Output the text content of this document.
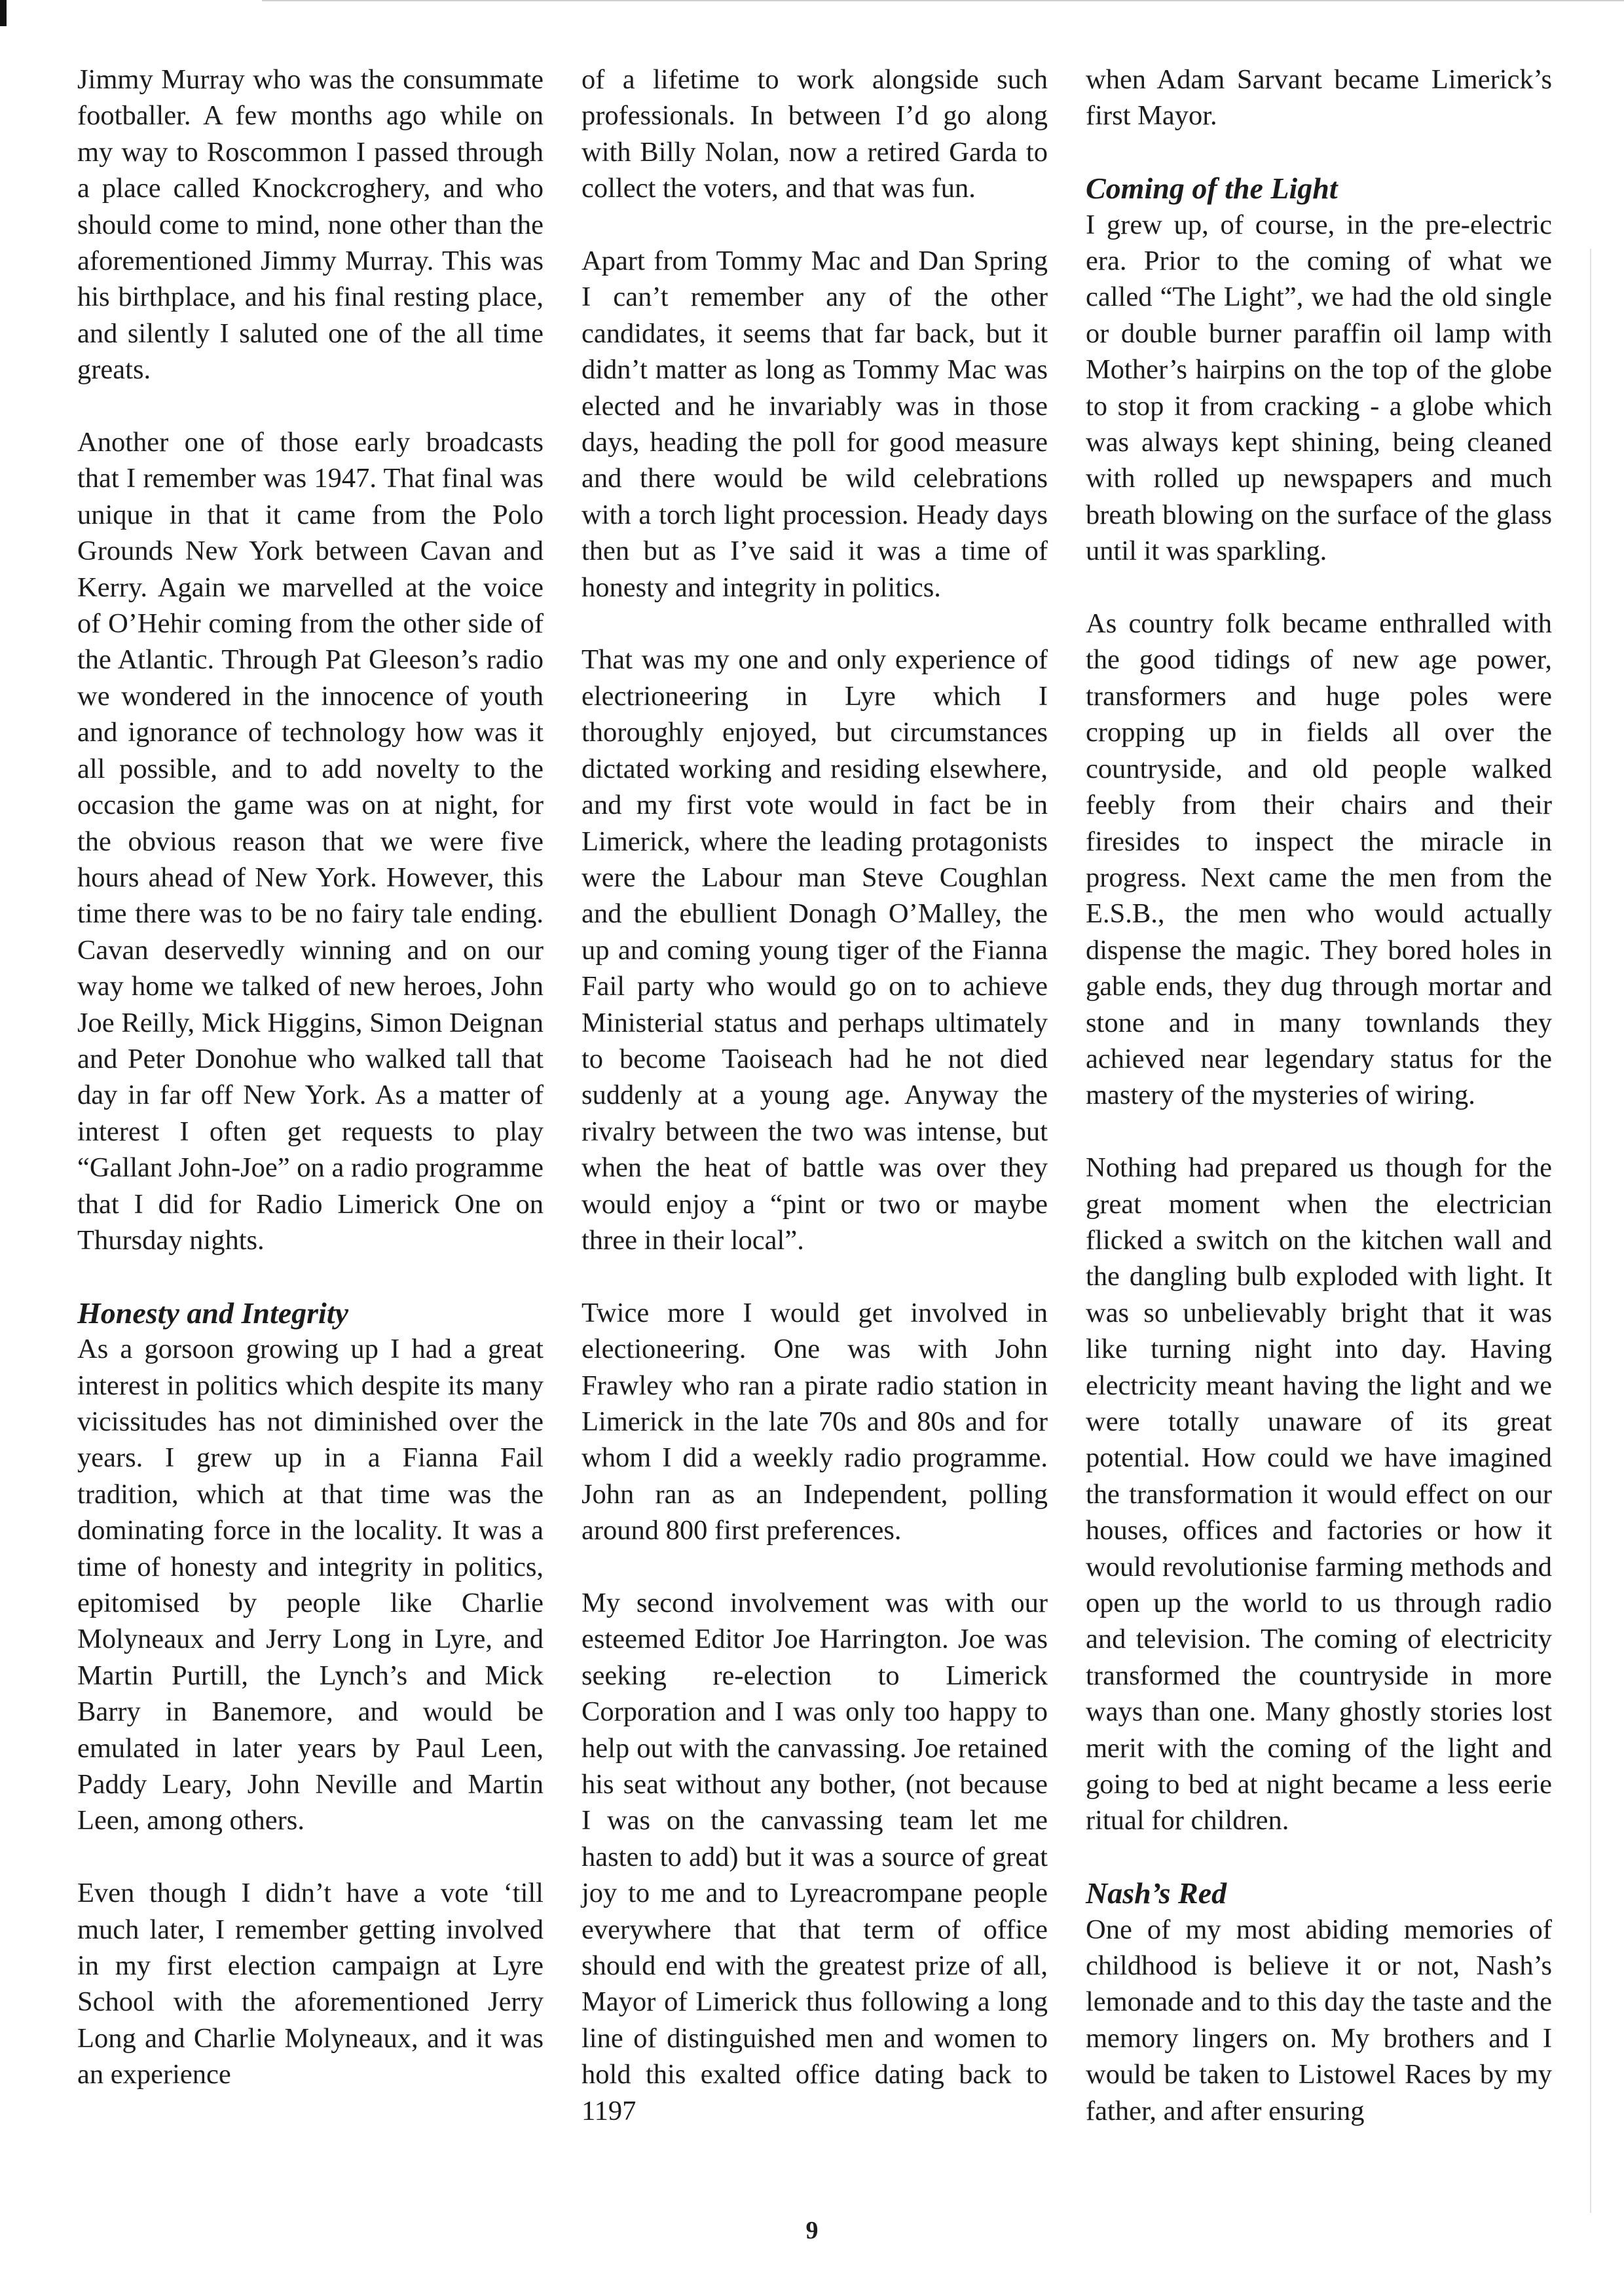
Jimmy Murray who was the consummate footballer. A few months ago while on my way to Roscommon I passed through a place called Knockcroghery, and who should come to mind, none other than the aforementioned Jimmy Murray. This was his birthplace, and his final resting place, and silently I saluted one of the all time greats.

Another one of those early broadcasts that I remember was 1947. That final was unique in that it came from the Polo Grounds New York between Cavan and Kerry. Again we marvelled at the voice of O’Hehir coming from the other side of the Atlantic. Through Pat Gleeson’s radio we wondered in the innocence of youth and ignorance of technology how was it all possible, and to add novelty to the occasion the game was on at night, for the obvious reason that we were five hours ahead of New York. However, this time there was to be no fairy tale ending. Cavan deservedly winning and on our way home we talked of new heroes, John Joe Reilly, Mick Higgins, Simon Deignan and Peter Donohue who walked tall that day in far off New York. As a matter of interest I often get requests to play “Gallant John-Joe” on a radio programme that I did for Radio Limerick One on Thursday nights.

Honesty and Integrity

As a gorsoon growing up I had a great interest in politics which despite its many vicissitudes has not diminished over the years. I grew up in a Fianna Fail tradition, which at that time was the dominating force in the locality. It was a time of honesty and integrity in politics, epitomised by people like Charlie Molyneaux and Jerry Long in Lyre, and Martin Purtill, the Lynch’s and Mick Barry in Banemore, and would be emulated in later years by Paul Leen, Paddy Leary, John Neville and Martin Leen, among others.

Even though I didn’t have a vote ‘till much later, I remember getting involved in my first election campaign at Lyre School with the aforementioned Jerry Long and Charlie Molyneaux, and it was an experience

of a lifetime to work alongside such professionals. In between I’d go along with Billy Nolan, now a retired Garda to collect the voters, and that was fun.

Apart from Tommy Mac and Dan Spring I can’t remember any of the other candidates, it seems that far back, but it didn’t matter as long as Tommy Mac was elected and he invariably was in those days, heading the poll for good measure and there would be wild celebrations with a torch light procession. Heady days then but as I’ve said it was a time of honesty and integrity in politics.

That was my one and only experience of electrioneering in Lyre which I thoroughly enjoyed, but circumstances dictated working and residing elsewhere, and my first vote would in fact be in Limerick, where the leading protagonists were the Labour man Steve Coughlan and the ebullient Donagh O’Malley, the up and coming young tiger of the Fianna Fail party who would go on to achieve Ministerial status and perhaps ultimately to become Taoiseach had he not died suddenly at a young age. Anyway the rivalry between the two was intense, but when the heat of battle was over they would enjoy a “pint or two or maybe three in their local”.

Twice more I would get involved in electioneering. One was with John Frawley who ran a pirate radio station in Limerick in the late 70s and 80s and for whom I did a weekly radio programme. John ran as an Independent, polling around 800 first preferences.

My second involvement was with our esteemed Editor Joe Harrington. Joe was seeking re-election to Limerick Corporation and I was only too happy to help out with the canvassing. Joe retained his seat without any bother, (not because I was on the canvassing team let me hasten to add) but it was a source of great joy to me and to Lyreacrompane people everywhere that that term of office should end with the greatest prize of all, Mayor of Limerick thus following a long line of distinguished men and women to hold this exalted office dating back to 1197

when Adam Sarvant became Limerick’s first Mayor.

Coming of the Light

I grew up, of course, in the pre-electric era. Prior to the coming of what we called “The Light”, we had the old single or double burner paraffin oil lamp with Mother’s hairpins on the top of the globe to stop it from cracking - a globe which was always kept shining, being cleaned with rolled up newspapers and much breath blowing on the surface of the glass until it was sparkling.

As country folk became enthralled with the good tidings of new age power, transformers and huge poles were cropping up in fields all over the countryside, and old people walked feebly from their chairs and their firesides to inspect the miracle in progress. Next came the men from the E.S.B., the men who would actually dispense the magic. They bored holes in gable ends, they dug through mortar and stone and in many townlands they achieved near legendary status for the mastery of the mysteries of wiring.

Nothing had prepared us though for the great moment when the electrician flicked a switch on the kitchen wall and the dangling bulb exploded with light. It was so unbelievably bright that it was like turning night into day. Having electricity meant having the light and we were totally unaware of its great potential. How could we have imagined the transformation it would effect on our houses, offices and factories or how it would revolutionise farming methods and open up the world to us through radio and television. The coming of electricity transformed the countryside in more ways than one. Many ghostly stories lost merit with the coming of the light and going to bed at night became a less eerie ritual for children.

Nash’s Red

One of my most abiding memories of childhood is believe it or not, Nash’s lemonade and to this day the taste and the memory lingers on. My brothers and I would be taken to Listowel Races by my father, and after ensuring

9
